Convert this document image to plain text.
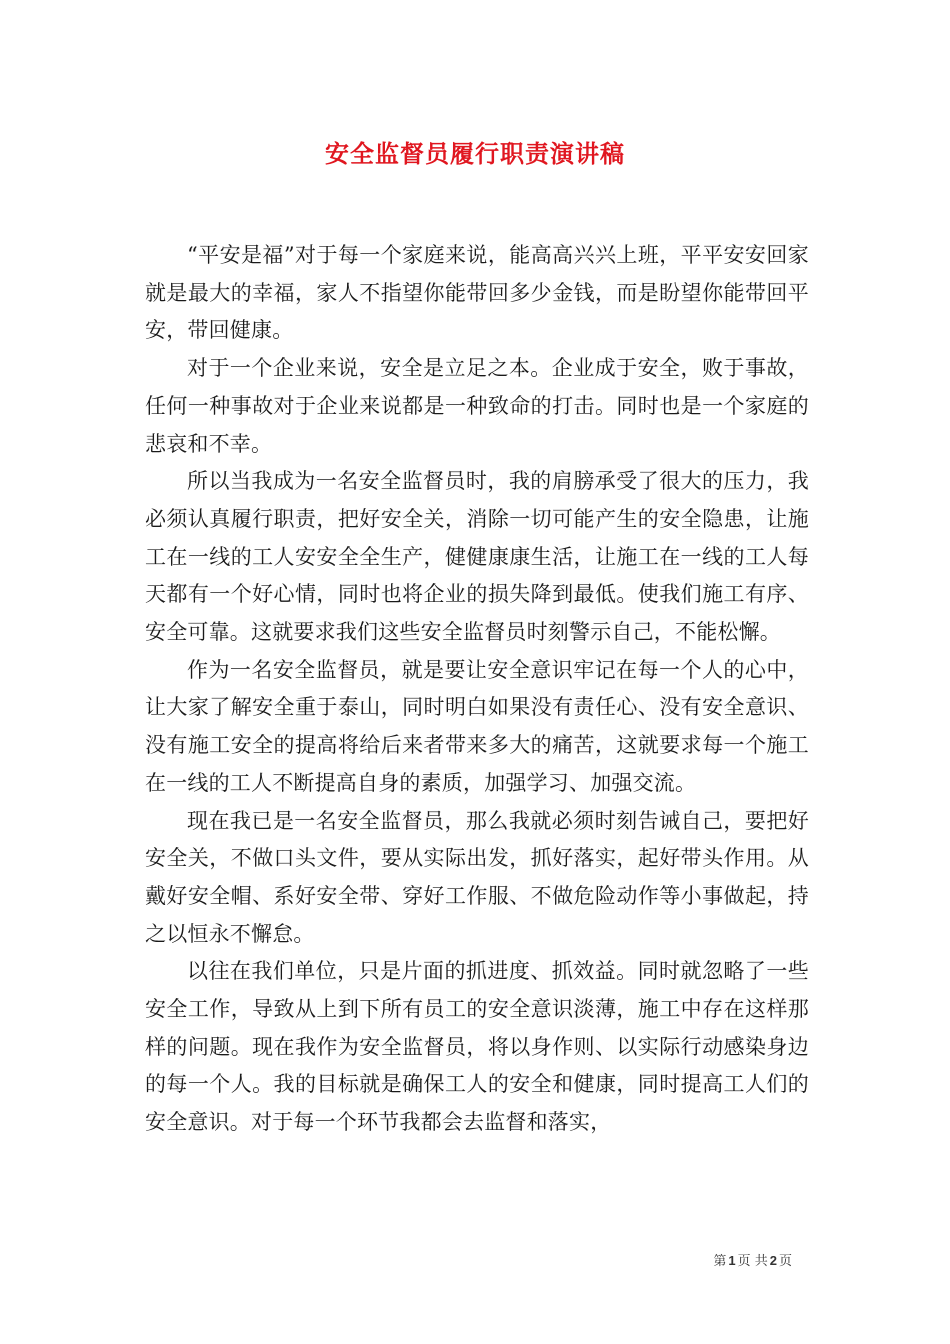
安全监督员履行职责演讲稿

“平安是福”对于每一个家庭来说，能高高兴兴上班，平平安安回家就是最大的幸福，家人不指望你能带回多少金钱，而是盼望你能带回平安，带回健康。

对于一个企业来说，安全是立足之本。企业成于安全，败于事故，任何一种事故对于企业来说都是一种致命的打击。同时也是一个家庭的悲哀和不幸。

所以当我成为一名安全监督员时，我的肩膀承受了很大的压力，我必须认真履行职责，把好安全关，消除一切可能产生的安全隐患，让施工在一线的工人安安全全生产，健健康康生活，让施工在一线的工人每天都有一个好心情，同时也将企业的损失降到最低。使我们施工有序、安全可靠。这就要求我们这些安全监督员时刻警示自己，不能松懈。

作为一名安全监督员，就是要让安全意识牢记在每一个人的心中，让大家了解安全重于泰山，同时明白如果没有责任心、没有安全意识、没有施工安全的提高将给后来者带来多大的痛苦，这就要求每一个施工在一线的工人不断提高自身的素质，加强学习、加强交流。

现在我已是一名安全监督员，那么我就必须时刻告诫自己，要把好安全关，不做口头文件，要从实际出发，抓好落实，起好带头作用。从戴好安全帽、系好安全带、穿好工作服、不做危险动作等小事做起，持之以恒永不懈怠。

以往在我们单位，只是片面的抓进度、抓效益。同时就忽略了一些安全工作，导致从上到下所有员工的安全意识淡薄，施工中存在这样那样的问题。现在我作为安全监督员，将以身作则、以实际行动感染身边的每一个人。我的目标就是确保工人的安全和健康，同时提高工人们的安全意识。对于每一个环节我都会去监督和落实，

第 1 页 共 2 页
